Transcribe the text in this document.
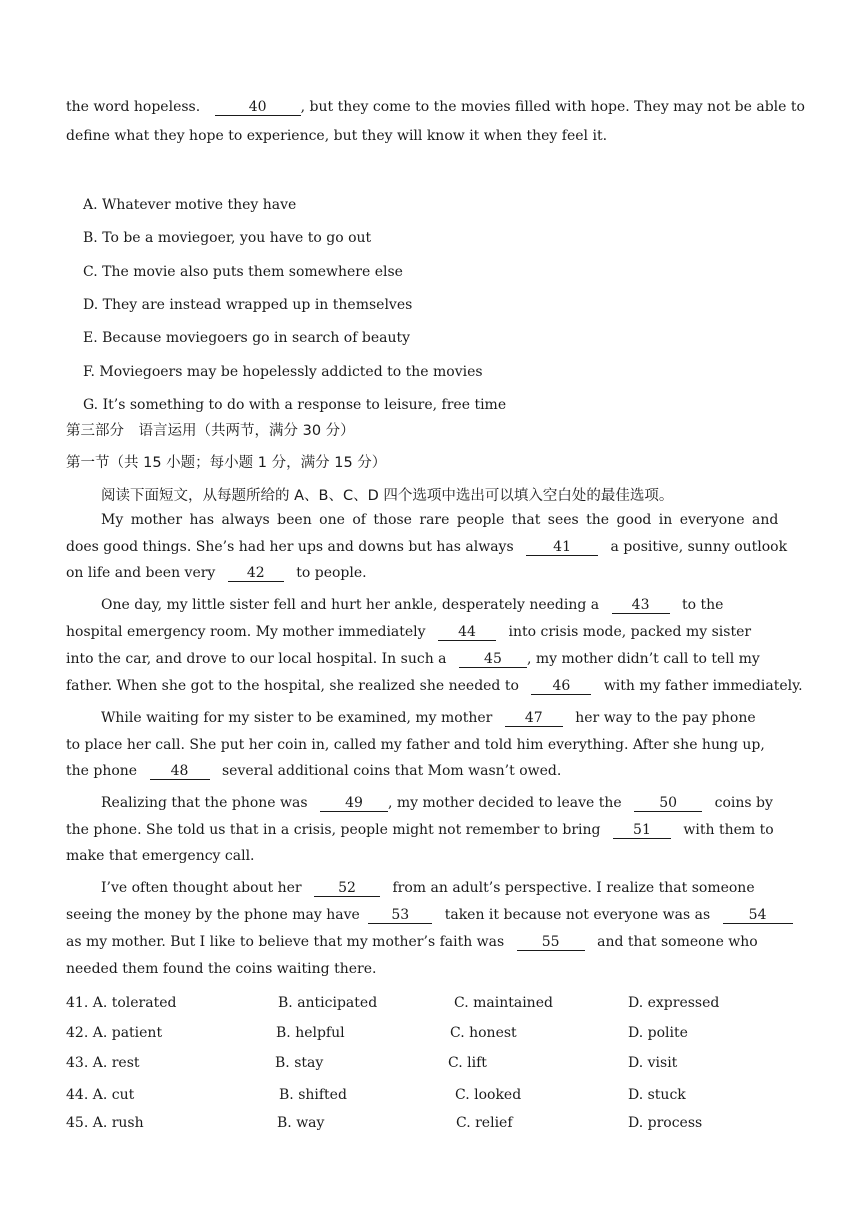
the word hopeless.	40 , but they come to the movies filled with hope. They may not be able to
define what they hope to experience, but they will know it when they feel it.
A. Whatever motive they have
B. To be a moviegoer, you have to go out
C. The movie also puts them somewhere else
D. They are instead wrapped up in themselves
E. Because moviegoers go in search of beauty
F. Moviegoers may be hopelessly addicted to the movies
G. It’s something to do with a response to leisure, free time
第三部分　语言运用（共两节，满分 30 分）
第一节（共 15 小题；每小题 1 分，满分 15 分）
阅读下面短文，从每题所给的 A、B、C、D 四个选项中选出可以填入空白处的最佳选项。
My mother has always been one of those rare people that sees the good in everyone and
does good things. She’s had her ups and downs but has always	41	a positive, sunny outlook
on life and been very 42 to people.
One day, my little sister fell and hurt her ankle, desperately needing a 43 to the
hospital emergency room. My mother immediately 44 into crisis mode, packed my sister
into the car, and drove to our local hospital. In such a	45 , my mother didn’t call to tell my
father. When she got to the hospital, she realized she needed to 46 with my father immediately.
While waiting for my sister to be examined, my mother 47 her way to the pay phone
to place her call. She put her coin in, called my father and told him everything. After she hung up,
the phone 48 several additional coins that Mom wasn’t owed.
Realizing that the phone was	49 , my mother decided to leave the	50	coins by
the phone. She told us that in a crisis, people might not remember to bring 51 with them to
make that emergency call.
I’ve often thought about her	52	from an adult’s perspective. I realize that someone
seeing the money by the phone may have 53	taken it because not everyone was as	54
as my mother. But I like to believe that my mother’s faith was	55	and that someone who
needed them found the coins waiting there.
41. A. tolerated	B. anticipated	C. maintained	D. expressed
42. A. patient	B. helpful	C. honest	D. polite
43. A. rest	B. stay	C. lift	D. visit
44. A. cut	B. shifted	C. looked	D. stuck
45. A. rush	B. way	C. relief	D. process
